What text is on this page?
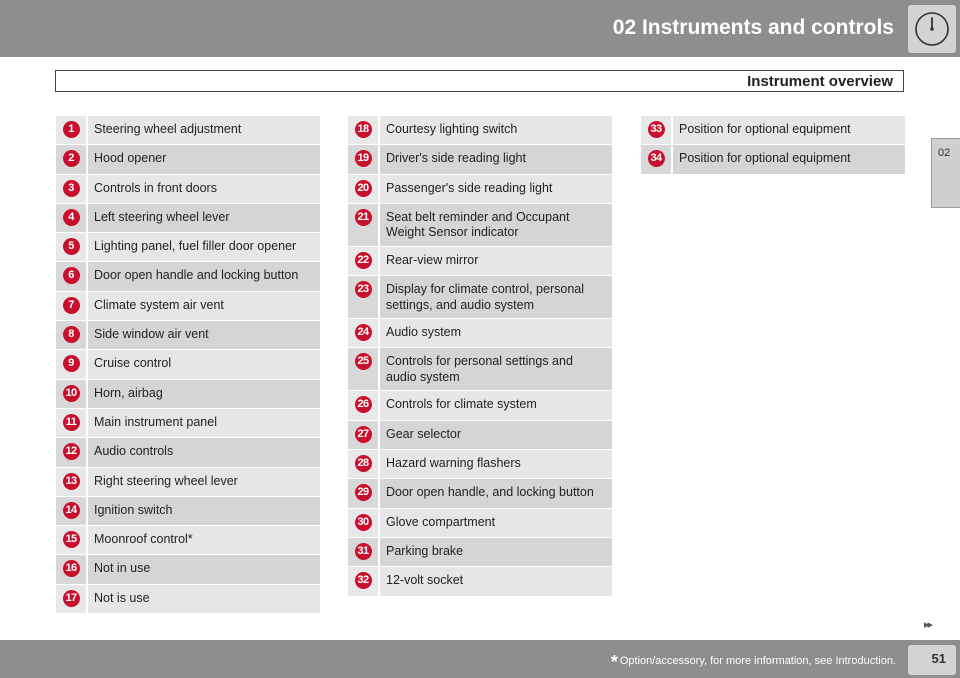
02 Instruments and controls
Instrument overview
02
1	Steering wheel adjustment
2	Hood opener
3	Controls in front doors
4	Left steering wheel lever
5	Lighting panel, fuel filler door opener
6	Door open handle and locking button
7	Climate system air vent
8	Side window air vent
9	Cruise control
10	Horn, airbag
11	Main instrument panel
12	Audio controls
13	Right steering wheel lever
14	Ignition switch
15	Moonroof control*
16	Not in use
17	Not is use
18	Courtesy lighting switch
19	Driver's side reading light
20	Passenger's side reading light
21	Seat belt reminder and Occupant Weight Sensor indicator
22	Rear-view mirror
23	Display for climate control, personal settings, and audio system
24	Audio system
25	Controls for personal settings and audio system
26	Controls for climate system
27	Gear selector
28	Hazard warning flashers
29	Door open handle, and locking button
30	Glove compartment
31	Parking brake
32	12-volt socket
33	Position for optional equipment
34	Position for optional equipment
▸▸
* Option/accessory, for more information, see Introduction.	51
